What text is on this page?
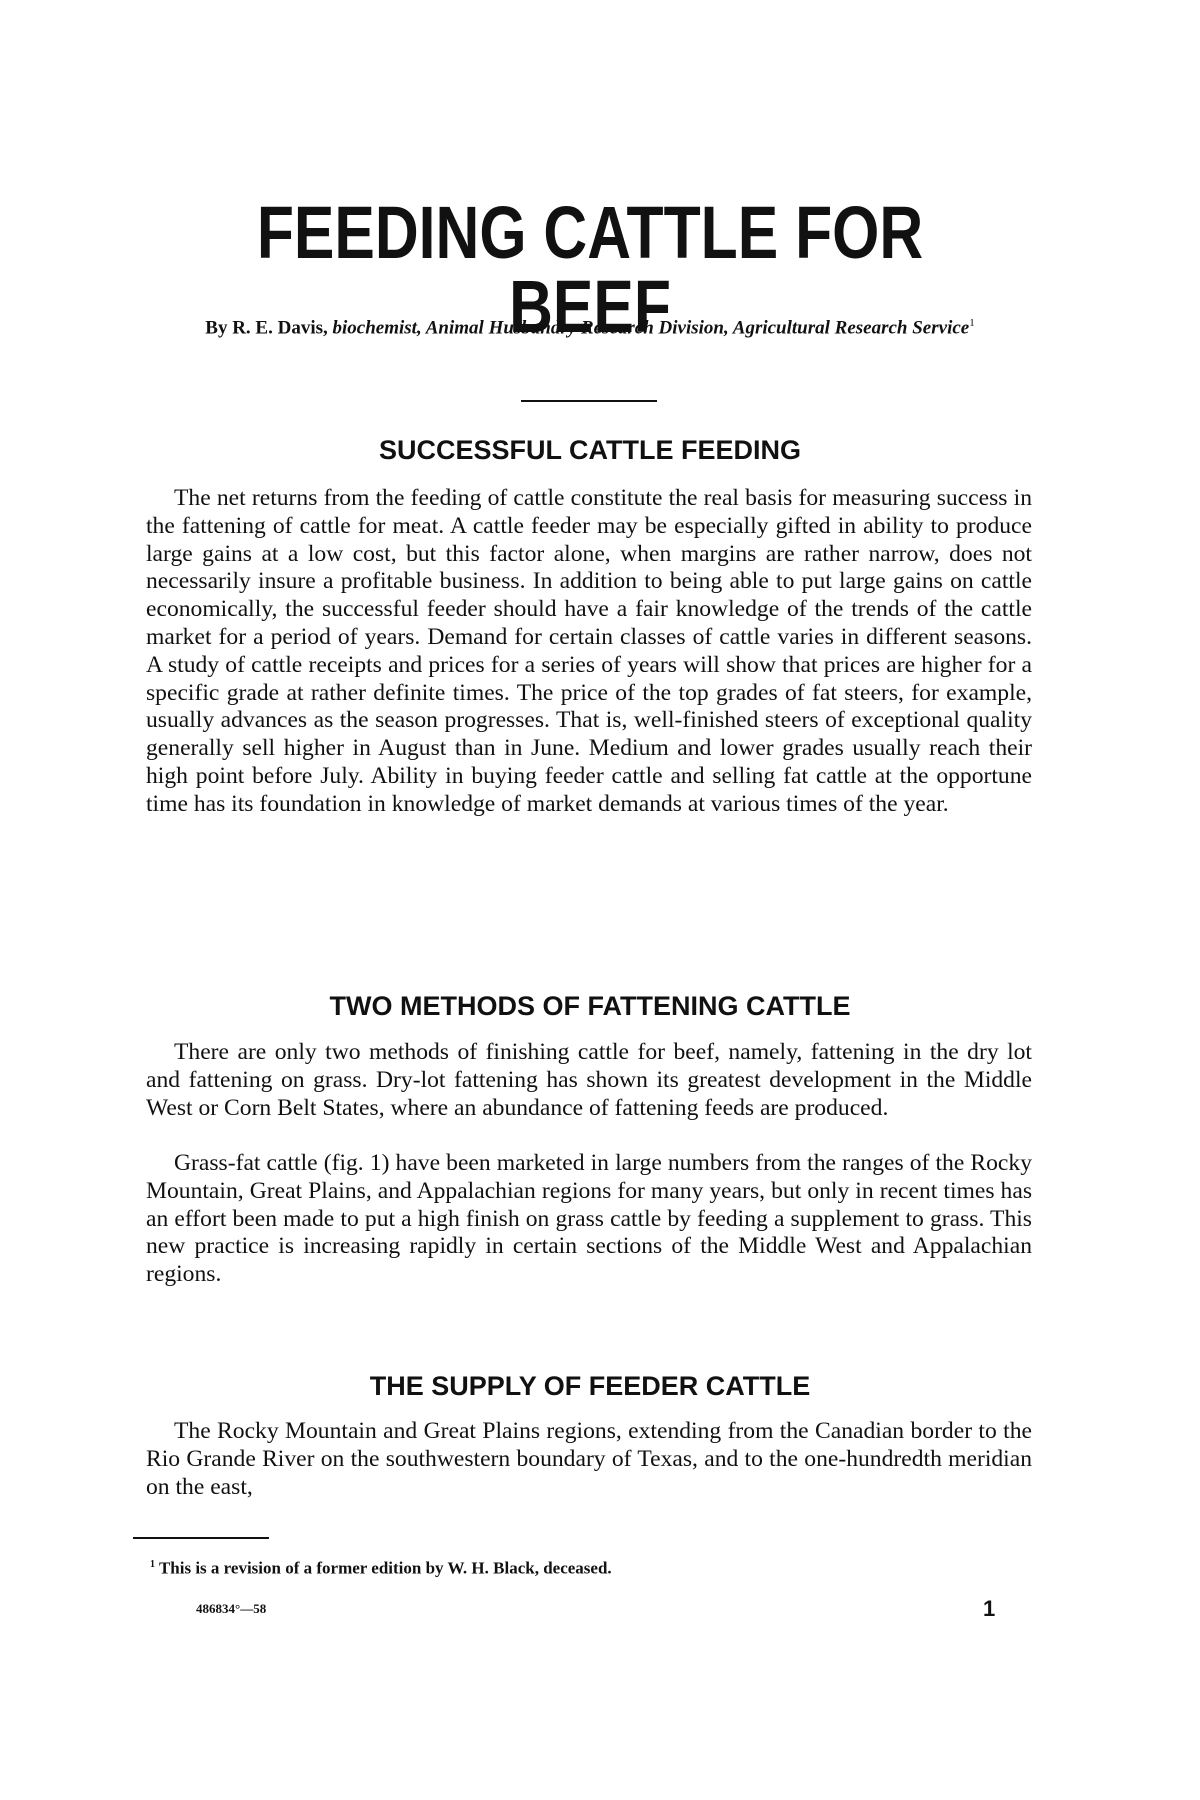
FEEDING CATTLE FOR BEEF
By R. E. Davis, biochemist, Animal Husbandry Research Division, Agricultural Research Service$^1$
SUCCESSFUL CATTLE FEEDING

The net returns from the feeding of cattle constitute the real basis for measuring success in the fattening of cattle for meat. A cattle feeder may be especially gifted in ability to produce large gains at a low cost, but this factor alone, when margins are rather narrow, does not necessarily insure a profitable business. In addition to being able to put large gains on cattle economically, the successful feeder should have a fair knowledge of the trends of the cattle market for a period of years. Demand for certain classes of cattle varies in different seasons. A study of cattle receipts and prices for a series of years will show that prices are higher for a specific grade at rather definite times. The price of the top grades of fat steers, for example, usually advances as the season progresses. That is, well-finished steers of exceptional quality generally sell higher in August than in June. Medium and lower grades usually reach their high point before July. Ability in buying feeder cattle and selling fat cattle at the opportune time has its foundation in knowledge of market demands at various times of the year.

TWO METHODS OF FATTENING CATTLE

There are only two methods of finishing cattle for beef, namely, fattening in the dry lot and fattening on grass. Dry-lot fattening has shown its greatest development in the Middle West or Corn Belt States, where an abundance of fattening feeds are produced.

Grass-fat cattle (fig. 1) have been marketed in large numbers from the ranges of the Rocky Mountain, Great Plains, and Appalachian regions for many years, but only in recent times has an effort been made to put a high finish on grass cattle by feeding a supplement to grass. This new practice is increasing rapidly in certain sections of the Middle West and Appalachian regions.

THE SUPPLY OF FEEDER CATTLE

The Rocky Mountain and Great Plains regions, extending from the Canadian border to the Rio Grande River on the southwestern boundary of Texas, and to the one-hundredth meridian on the east,

$^1$ This is a revision of a former edition by W. H. Black, deceased.
486834°—58	1
